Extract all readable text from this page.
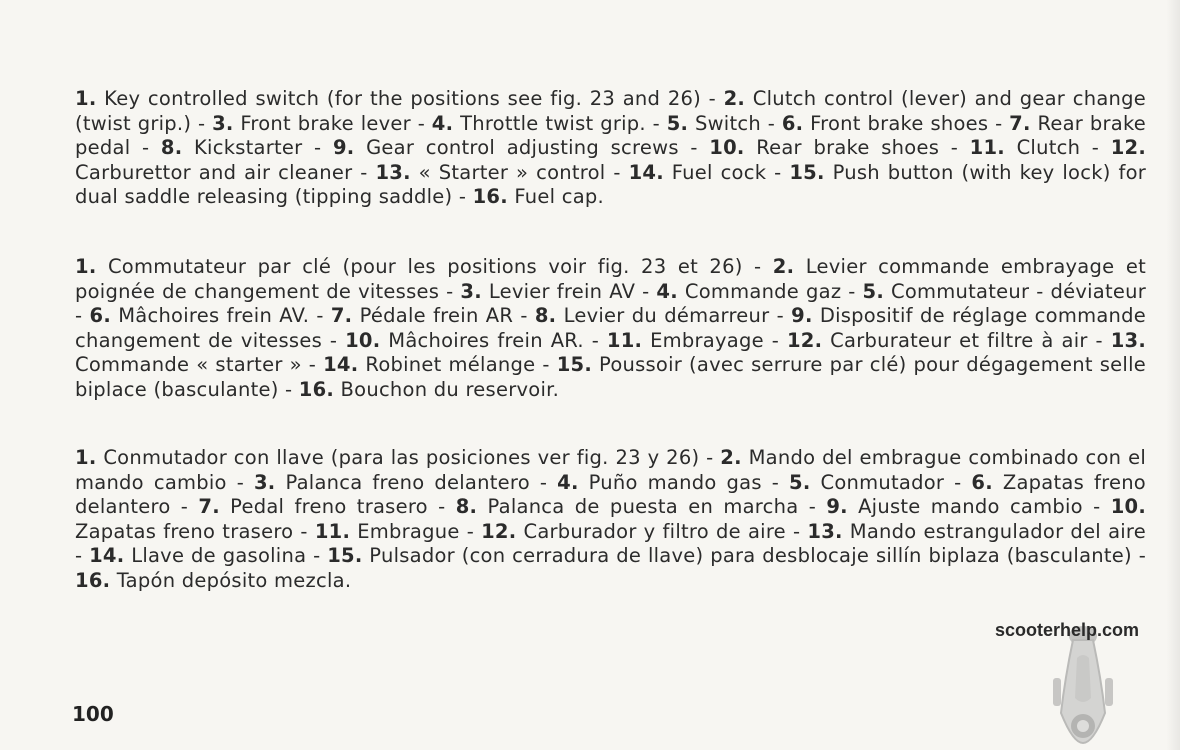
1. Key controlled switch (for the positions see fig. 23 and 26) - 2. Clutch control (lever) and gear change (twist grip.) - 3. Front brake lever - 4. Throttle twist grip. - 5. Switch - 6. Front brake shoes - 7. Rear brake pedal - 8. Kickstarter - 9. Gear control adjusting screws - 10. Rear brake shoes - 11. Clutch - 12. Carburettor and air cleaner - 13. « Starter » control - 14. Fuel cock - 15. Push button (with key lock) for dual saddle releasing (tipping saddle) - 16. Fuel cap.
1. Commutateur par clé (pour les positions voir fig. 23 et 26) - 2. Levier commande embrayage et poignée de changement de vitesses - 3. Levier frein AV - 4. Commande gaz - 5. Commutateur - déviateur - 6. Mâchoires frein AV. - 7. Pédale frein AR - 8. Levier du démarreur - 9. Dispositif de réglage commande changement de vitesses - 10. Mâchoires frein AR. - 11. Embrayage - 12. Carburateur et filtre à air - 13. Commande « starter » - 14. Robinet mélange - 15. Poussoir (avec serrure par clé) pour dégagement selle biplace (basculante) - 16. Bouchon du reservoir.
1. Conmutador con llave (para las posiciones ver fig. 23 y 26) - 2. Mando del embrague combinado con el mando cambio - 3. Palanca freno delantero - 4. Puño mando gas - 5. Conmutador - 6. Zapatas freno delantero - 7. Pedal freno trasero - 8. Palanca de puesta en marcha - 9. Ajuste mando cambio - 10. Zapatas freno trasero - 11. Embrague - 12. Carburador y filtro de aire - 13. Mando estrangulador del aire - 14. Llave de gasolina - 15. Pulsador (con cerradura de llave) para desblocaje sillín biplaza (basculante) - 16. Tapón depósito mezcla.
100
scooterhelp.com
